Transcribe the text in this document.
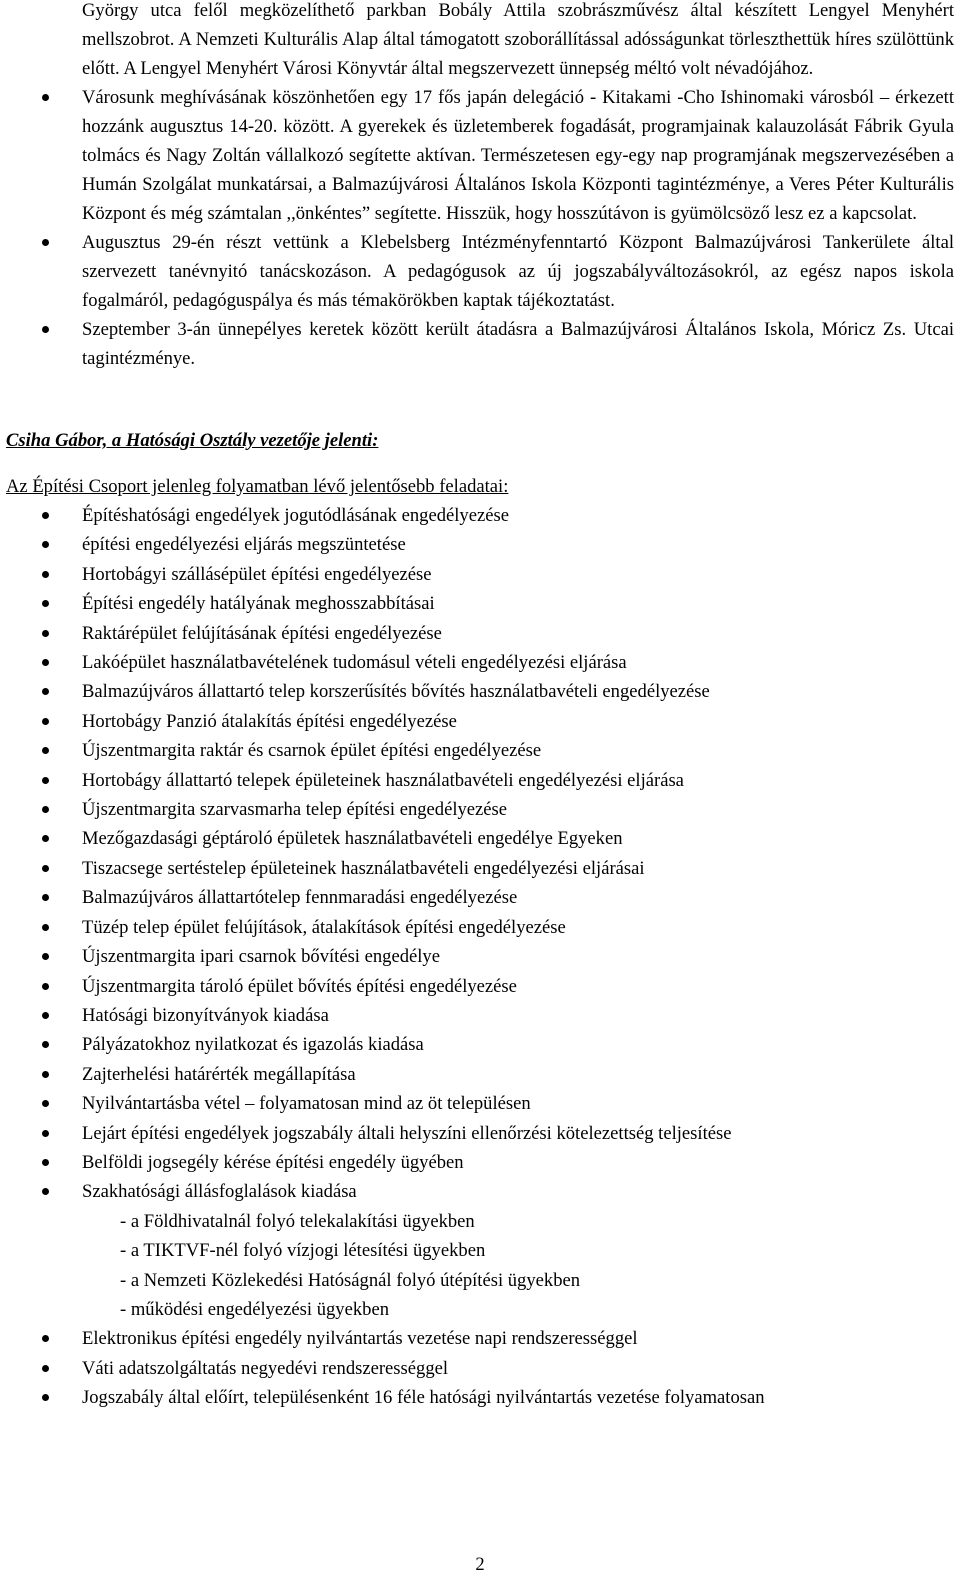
György utca felől megközelíthető parkban Bobály Attila szobrászművész által készített Lengyel Menyhért mellszobrot. A Nemzeti Kulturális Alap által támogatott szoborállítással adósságunkat törleszthettük híres szülöttünk előtt. A Lengyel Menyhért Városi Könyvtár által megszervezett ünnepség méltó volt névadójához.

Városunk meghívásának köszönhetően egy 17 fős japán delegáció - Kitakami -Cho Ishinomaki városból – érkezett hozzánk augusztus 14-20. között. A gyerekek és üzletemberek fogadását, programjainak kalauzolását Fábrik Gyula tolmács és Nagy Zoltán vállalkozó segítette aktívan. Természetesen egy-egy nap programjának megszervezésében a Humán Szolgálat munkatársai, a Balmazújvárosi Általános Iskola Központi tagintézménye, a Veres Péter Kulturális Központ és még számtalan ,,önkéntes” segítette. Hisszük, hogy hosszútávon is gyümölcsöző lesz ez a kapcsolat.
Augusztus 29-én részt vettünk a Klebelsberg Intézményfenntartó Központ Balmazújvárosi Tankerülete által szervezett tanévnyitó tanácskozáson. A pedagógusok az új jogszabályváltozásokról, az egész napos iskola fogalmáról, pedagóguspálya és más témakörökben kaptak tájékoztatást.
Szeptember 3-án ünnepélyes keretek között került átadásra a Balmazújvárosi Általános Iskola, Móricz Zs. Utcai tagintézménye.

Csiha Gábor, a Hatósági Osztály vezetője jelenti:

Az Építési Csoport jelenleg folyamatban lévő jelentősebb feladatai:

Építéshatósági engedélyek jogutódlásának engedélyezése
építési engedélyezési eljárás megszüntetése
Hortobágyi szállásépület építési engedélyezése
Építési engedély hatályának meghosszabbításai
Raktárépület felújításának építési engedélyezése
Lakóépület használatbavételének tudomásul vételi engedélyezési eljárása
Balmazújváros állattartó telep korszerűsítés bővítés használatbavételi engedélyezése
Hortobágy Panzió átalakítás építési engedélyezése
Újszentmargita raktár és csarnok épület építési engedélyezése
Hortobágy állattartó telepek épületeinek használatbavételi engedélyezési eljárása
Újszentmargita szarvasmarha telep építési engedélyezése
Mezőgazdasági géptároló épületek használatbavételi engedélye Egyeken
Tiszacsege sertéstelep épületeinek használatbavételi engedélyezési eljárásai
Balmazújváros állattartótelep fennmaradási engedélyezése
Tüzép telep épület felújítások, átalakítások építési engedélyezése
Újszentmargita ipari csarnok bővítési engedélye
Újszentmargita tároló épület bővítés építési engedélyezése
Hatósági bizonyítványok kiadása
Pályázatokhoz nyilatkozat és igazolás kiadása
Zajterhelési határérték megállapítása
Nyilvántartásba vétel – folyamatosan mind az öt településen
Lejárt építési engedélyek jogszabály általi helyszíni ellenőrzési kötelezettség teljesítése
Belföldi jogsegély kérése építési engedély ügyében
Szakhatósági állásfoglalások kiadása
- a Földhivatalnál folyó telekalakítási ügyekben
- a TIKTVF-nél folyó vízjogi létesítési ügyekben
- a Nemzeti Közlekedési Hatóságnál folyó útépítési ügyekben
- működési engedélyezési ügyekben
Elektronikus építési engedély nyilvántartás vezetése napi rendszerességgel
Váti adatszolgáltatás negyedévi rendszerességgel
Jogszabály által előírt, településenként 16 féle hatósági nyilvántartás vezetése folyamatosan
2
